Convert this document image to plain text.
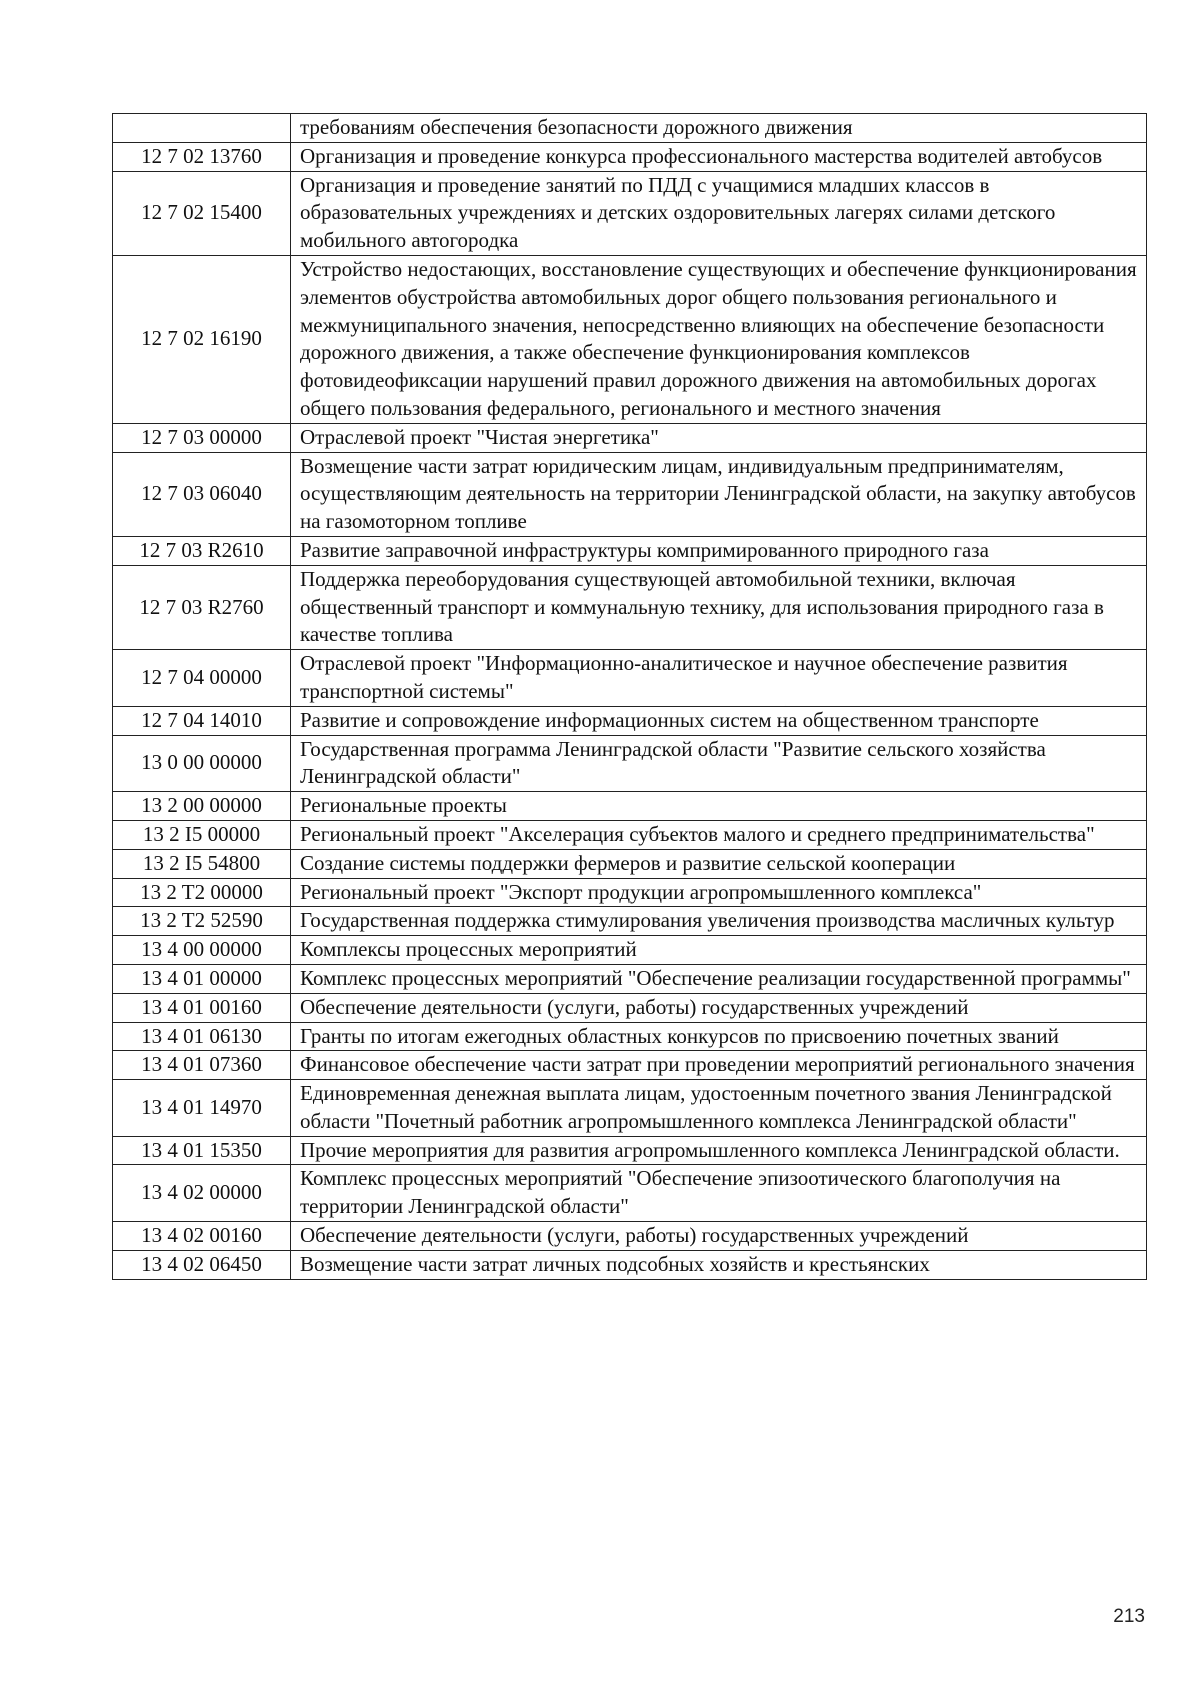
	требованиям обеспечения безопасности дорожного движения
12 7 02 13760	Организация и проведение конкурса профессионального мастерства водителей автобусов
12 7 02 15400	Организация и проведение занятий по ПДД с учащимися младших классов в образовательных учреждениях и детских оздоровительных лагерях силами детского мобильного автогородка
12 7 02 16190	Устройство недостающих, восстановление существующих и обеспечение функционирования элементов обустройства автомобильных дорог общего пользования регионального и межмуниципального значения, непосредственно влияющих на обеспечение безопасности дорожного движения, а также обеспечение функционирования комплексов фотовидеофиксации нарушений правил дорожного движения на автомобильных дорогах общего пользования федерального, регионального и местного значения
12 7 03 00000	Отраслевой проект "Чистая энергетика"
12 7 03 06040	Возмещение части затрат юридическим лицам, индивидуальным предпринимателям, осуществляющим деятельность на территории Ленинградской области, на закупку автобусов на газомоторном топливе
12 7 03 R2610	Развитие заправочной инфраструктуры компримированного природного газа
12 7 03 R2760	Поддержка переоборудования существующей автомобильной техники, включая общественный транспорт и коммунальную технику, для использования природного газа в качестве топлива
12 7 04 00000	Отраслевой проект "Информационно-аналитическое и научное обеспечение развития транспортной системы"
12 7 04 14010	Развитие и сопровождение информационных систем на общественном транспорте
13 0 00 00000	Государственная программа Ленинградской области "Развитие сельского хозяйства Ленинградской области"
13 2 00 00000	Региональные проекты
13 2 I5 00000	Региональный проект "Акселерация субъектов малого и среднего предпринимательства"
13 2 I5 54800	Создание системы поддержки фермеров и развитие сельской кооперации
13 2 T2 00000	Региональный проект "Экспорт продукции агропромышленного комплекса"
13 2 T2 52590	Государственная поддержка стимулирования увеличения производства масличных культур
13 4 00 00000	Комплексы процессных мероприятий
13 4 01 00000	Комплекс процессных мероприятий "Обеспечение реализации государственной программы"
13 4 01 00160	Обеспечение деятельности (услуги, работы) государственных учреждений
13 4 01 06130	Гранты по итогам ежегодных областных конкурсов по присвоению почетных званий
13 4 01 07360	Финансовое обеспечение части затрат при проведении мероприятий регионального значения
13 4 01 14970	Единовременная денежная выплата лицам, удостоенным почетного звания Ленинградской области "Почетный работник агропромышленного комплекса Ленинградской области"
13 4 01 15350	Прочие мероприятия для развития агропромышленного комплекса Ленинградской области.
13 4 02 00000	Комплекс процессных мероприятий "Обеспечение эпизоотического благополучия на территории Ленинградской области"
13 4 02 00160	Обеспечение деятельности (услуги, работы) государственных учреждений
13 4 02 06450	Возмещение части затрат личных подсобных хозяйств и крестьянских
213
